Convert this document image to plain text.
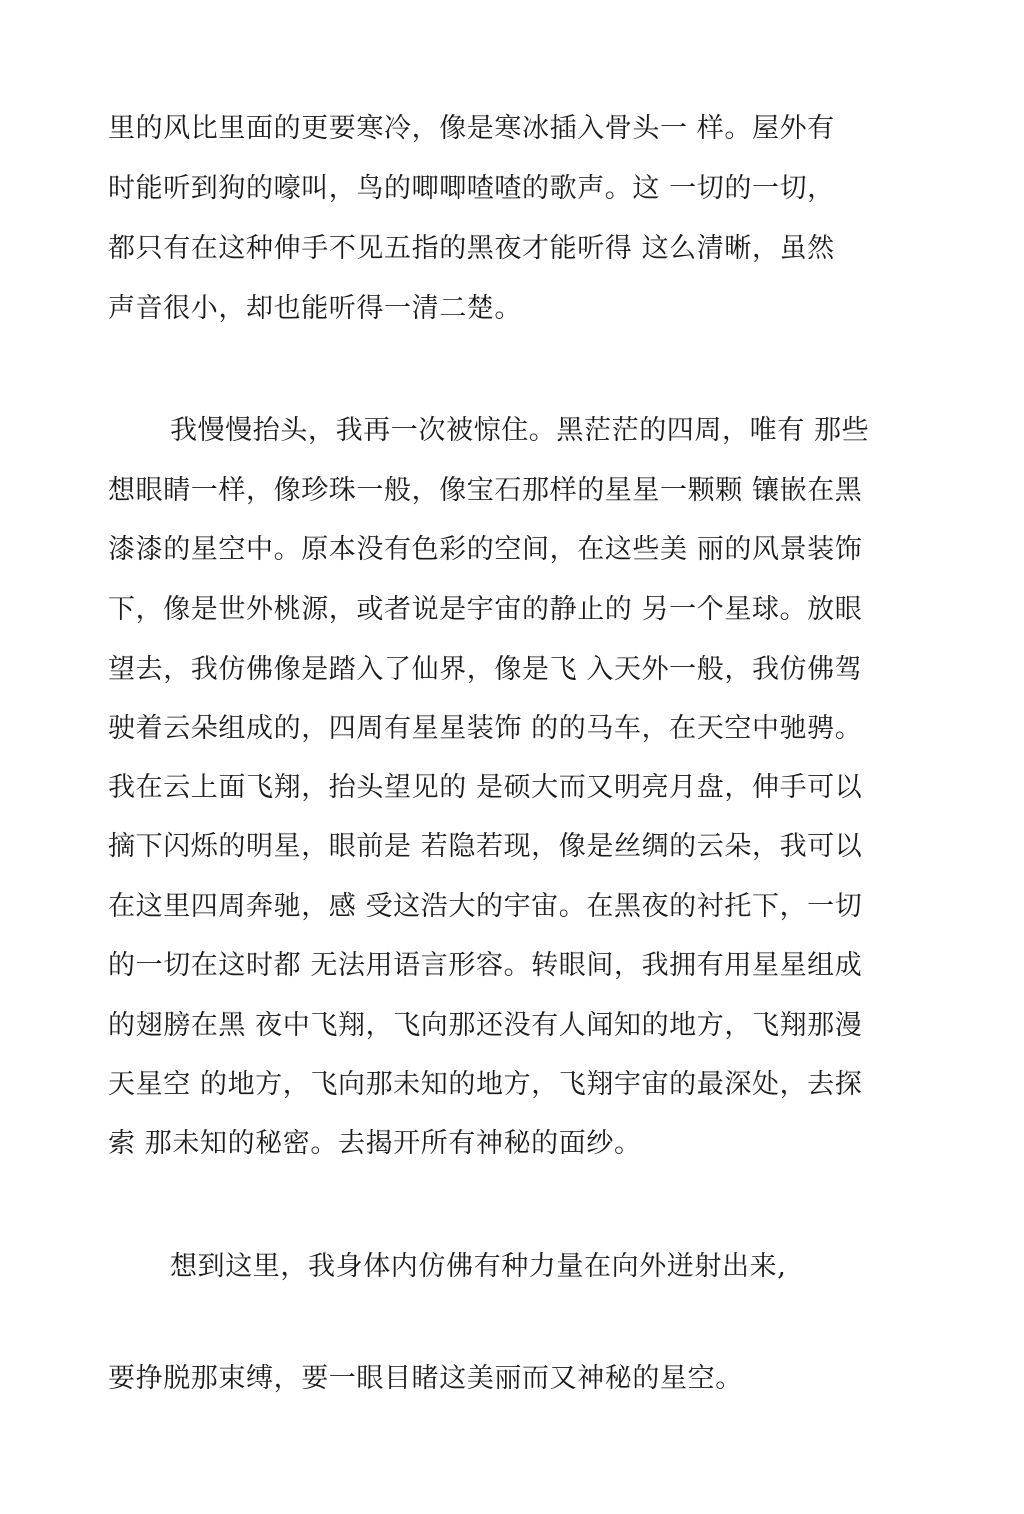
里的风比里面的更要寒冷，像是寒冰插入骨头一 样。屋外有
时能听到狗的嚎叫，鸟的唧唧喳喳的歌声。这 一切的一切，
都只有在这种伸手不见五指的黑夜才能听得 这么清晰，虽然
声音很小，却也能听得一清二楚。
我慢慢抬头，我再一次被惊住。黑茫茫的四周，唯有 那些
想眼睛一样，像珍珠一般，像宝石那样的星星一颗颗 镶嵌在黑
漆漆的星空中。原本没有色彩的空间，在这些美 丽的风景装饰
下，像是世外桃源，或者说是宇宙的静止的 另一个星球。放眼
望去，我仿佛像是踏入了仙界，像是飞 入天外一般，我仿佛驾
驶着云朵组成的，四周有星星装饰 的的马车，在天空中驰骋。
我在云上面飞翔，抬头望见的 是硕大而又明亮月盘，伸手可以
摘下闪烁的明星，眼前是 若隐若现，像是丝绸的云朵，我可以
在这里四周奔驰，感 受这浩大的宇宙。在黑夜的衬托下，一切
的一切在这时都 无法用语言形容。转眼间，我拥有用星星组成
的翅膀在黑 夜中飞翔，飞向那还没有人闻知的地方，飞翔那漫
天星空 的地方，飞向那未知的地方，飞翔宇宙的最深处，去探
索 那未知的秘密。去揭开所有神秘的面纱。
想到这里，我身体内仿佛有种力量在向外迸射出来,
要挣脱那束缚，要一眼目睹这美丽而又神秘的星空。
